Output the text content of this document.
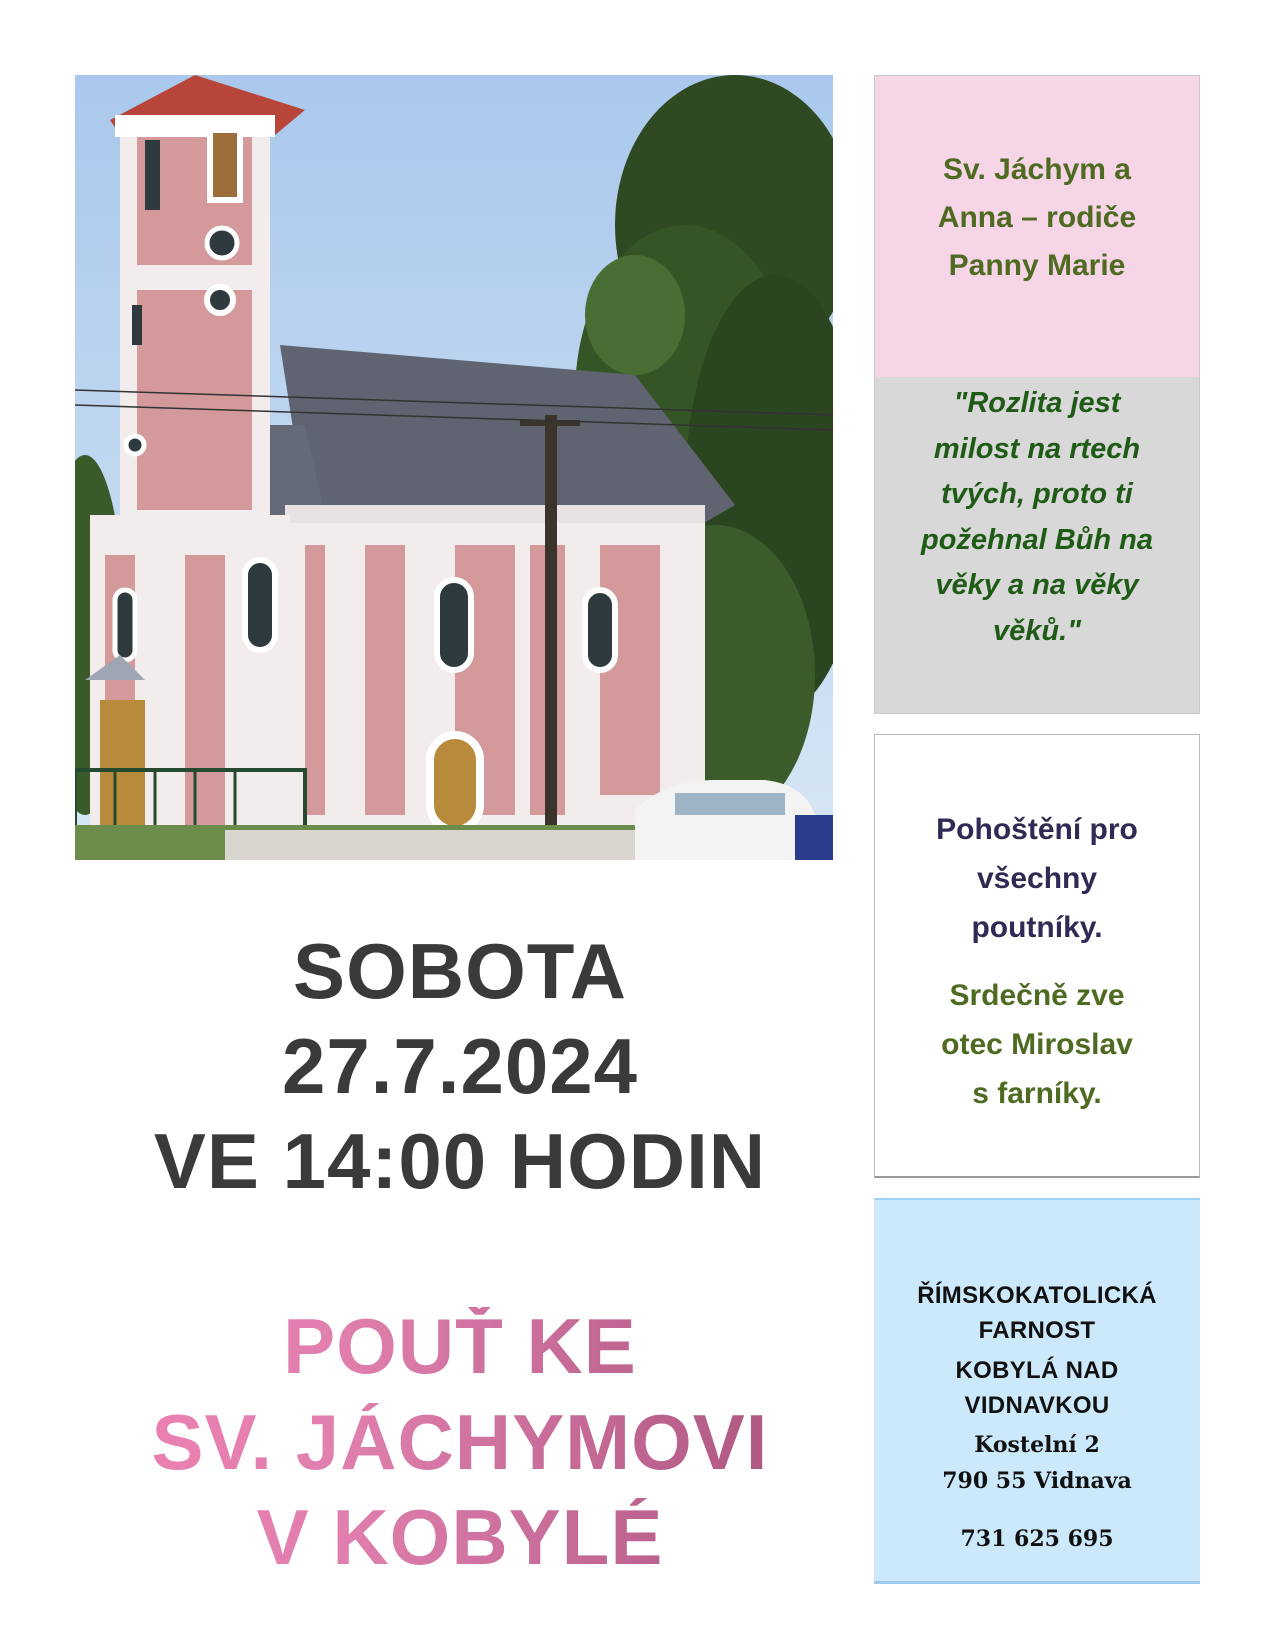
SOBOTA
27.7.2024
VE 14:00 HODIN
POUŤ KE
SV. JÁCHYMOVI
V KOBYLÉ
Sv. Jáchym a
Anna – rodiče
Panny Marie
"Rozlita jest
milost na rtech
tvých, proto ti
požehnal Bůh na
věky a na věky
věků."
Pohoštění pro
všechny
poutníky.
Srdečně zve
otec Miroslav
s farníky.
ŘÍMSKOKATOLICKÁ
FARNOST
KOBYLÁ NAD
VIDNAVKOU
Kostelní 2
790 55 Vidnava
731 625 695
